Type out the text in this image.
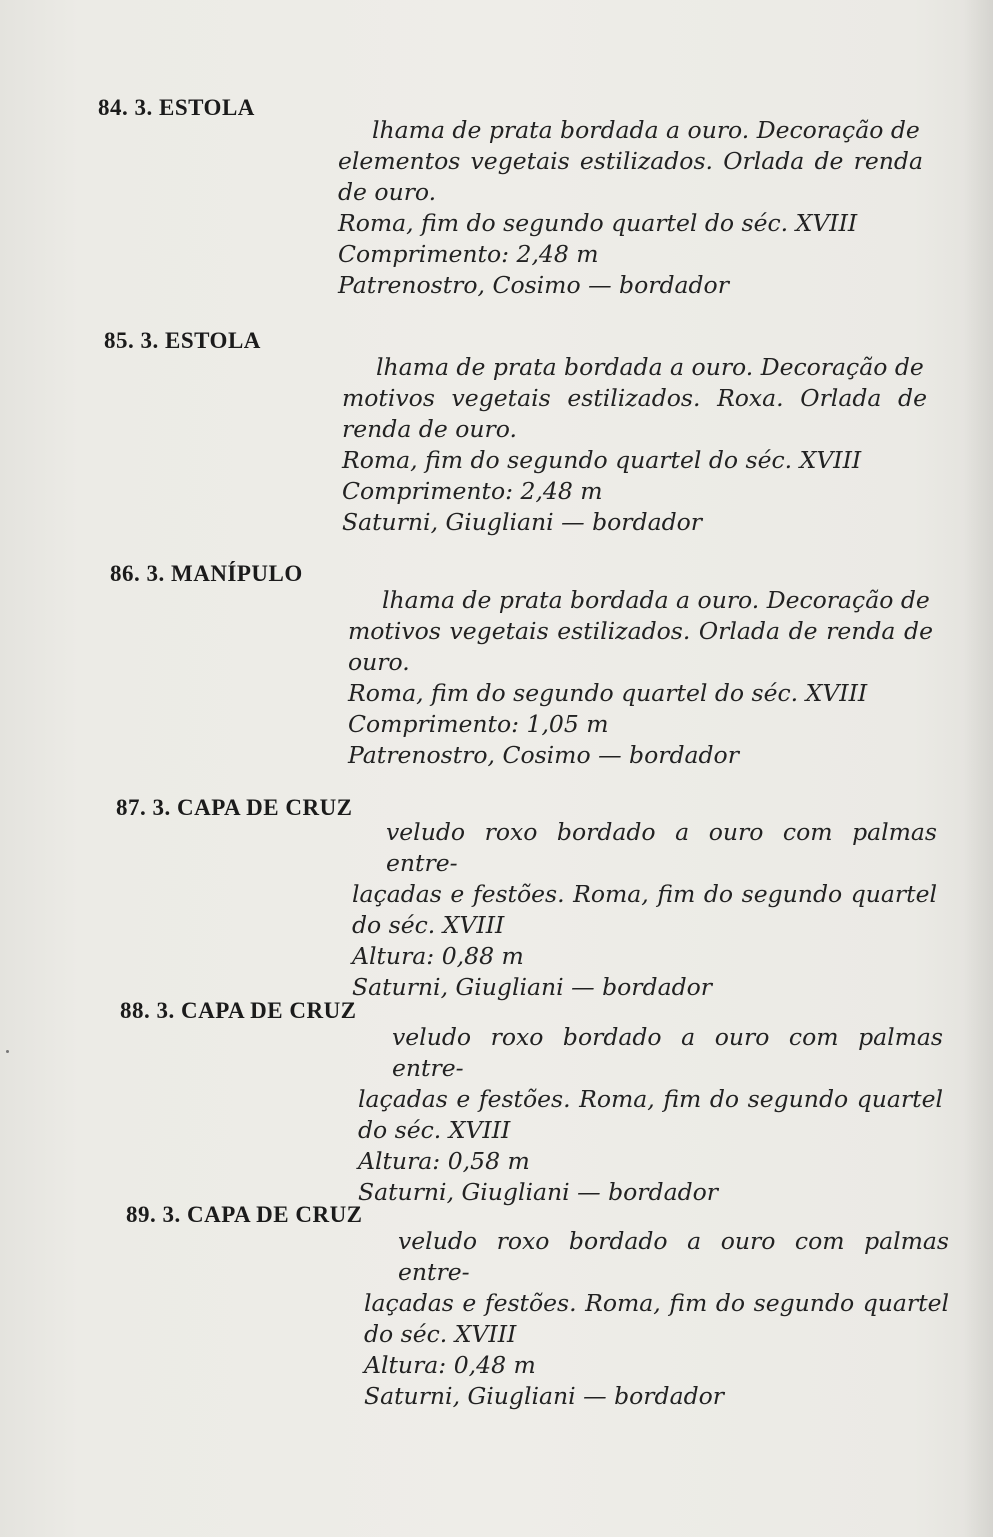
84. 3. ESTOLA
lhama de prata bordada a ouro. Decoração de
elementos vegetais estilizados. Orlada de renda
de ouro.
Roma, fim do segundo quartel do séc. XVIII
Comprimento: 2,48 m
Patrenostro, Cosimo — bordador
85. 3. ESTOLA
lhama de prata bordada a ouro. Decoração de
motivos vegetais estilizados. Roxa. Orlada de
renda de ouro.
Roma, fim do segundo quartel do séc. XVIII
Comprimento: 2,48 m
Saturni, Giugliani — bordador
86. 3. MANÍPULO
lhama de prata bordada a ouro. Decoração de
motivos vegetais estilizados. Orlada de renda de
ouro.
Roma, fim do segundo quartel do séc. XVIII
Comprimento: 1,05 m
Patrenostro, Cosimo — bordador
87. 3. CAPA DE CRUZ
veludo roxo bordado a ouro com palmas entre-
laçadas e festões. Roma, fim do segundo quartel
do séc. XVIII
Altura: 0,88 m
Saturni, Giugliani — bordador
88. 3. CAPA DE CRUZ
veludo roxo bordado a ouro com palmas entre-
laçadas e festões. Roma, fim do segundo quartel
do séc. XVIII
Altura: 0,58 m
Saturni, Giugliani — bordador
89. 3. CAPA DE CRUZ
veludo roxo bordado a ouro com palmas entre-
laçadas e festões. Roma, fim do segundo quartel
do séc. XVIII
Altura: 0,48 m
Saturni, Giugliani — bordador
